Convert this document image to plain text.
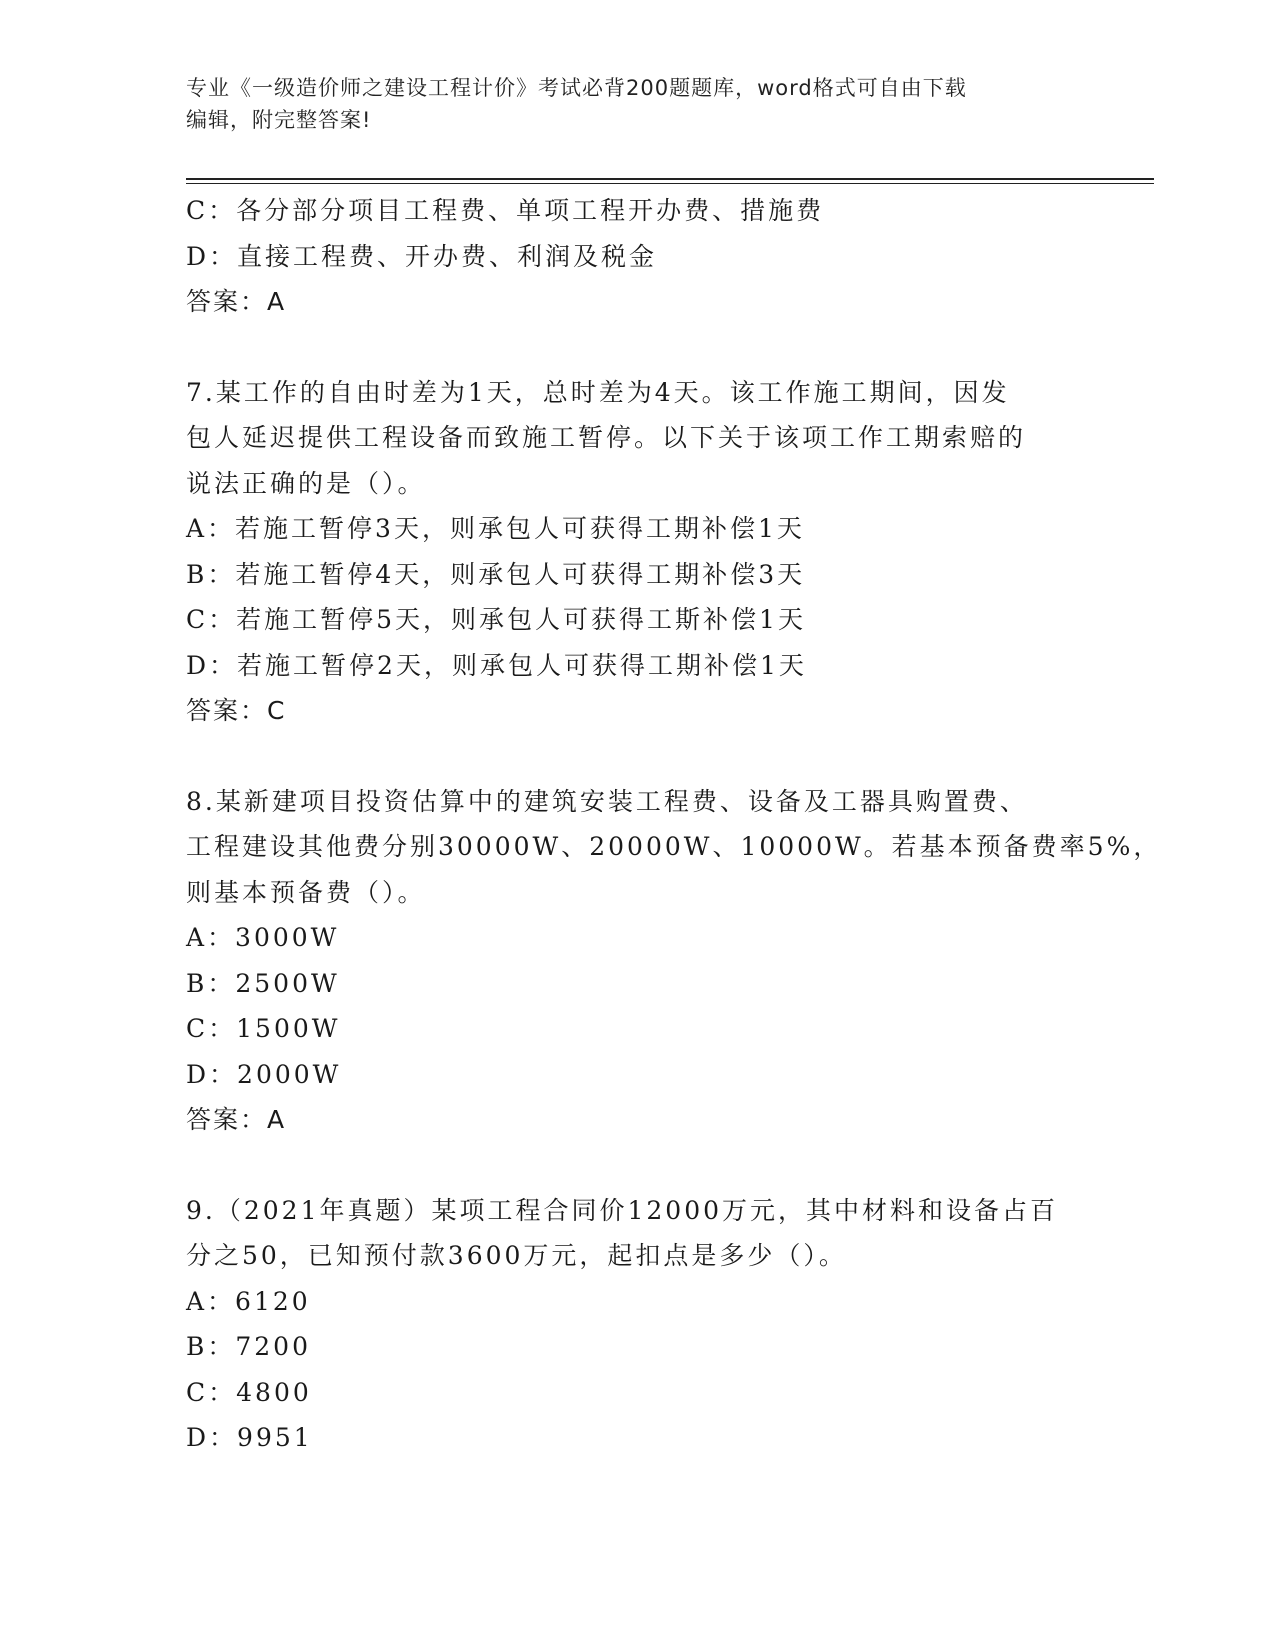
专业《一级造价师之建设工程计价》考试必背200题题库，word格式可自由下载
编辑，附完整答案!
C：各分部分项目工程费、单项工程开办费、措施费
D：直接工程费、开办费、利润及税金
答案：A
7.某工作的自由时差为1天，总时差为4天。该工作施工期间，因发
包人延迟提供工程设备而致施工暂停。以下关于该项工作工期索赔的
说法正确的是（）。
A：若施工暂停3天，则承包人可获得工期补偿1天
B：若施工暂停4天，则承包人可获得工期补偿3天
C：若施工暂停5天，则承包人可获得工斯补偿1天
D：若施工暂停2天，则承包人可获得工期补偿1天
答案：C
8.某新建项目投资估算中的建筑安装工程费、设备及工器具购置费、
工程建设其他费分别30000W、20000W、10000W。若基本预备费率5%，
则基本预备费（）。
A：3000W
B：2500W
C：1500W
D：2000W
答案：A
9.（2021年真题）某项工程合同价12000万元，其中材料和设备占百
分之50，已知预付款3600万元，起扣点是多少（）。
A：6120
B：7200
C：4800
D：9951
